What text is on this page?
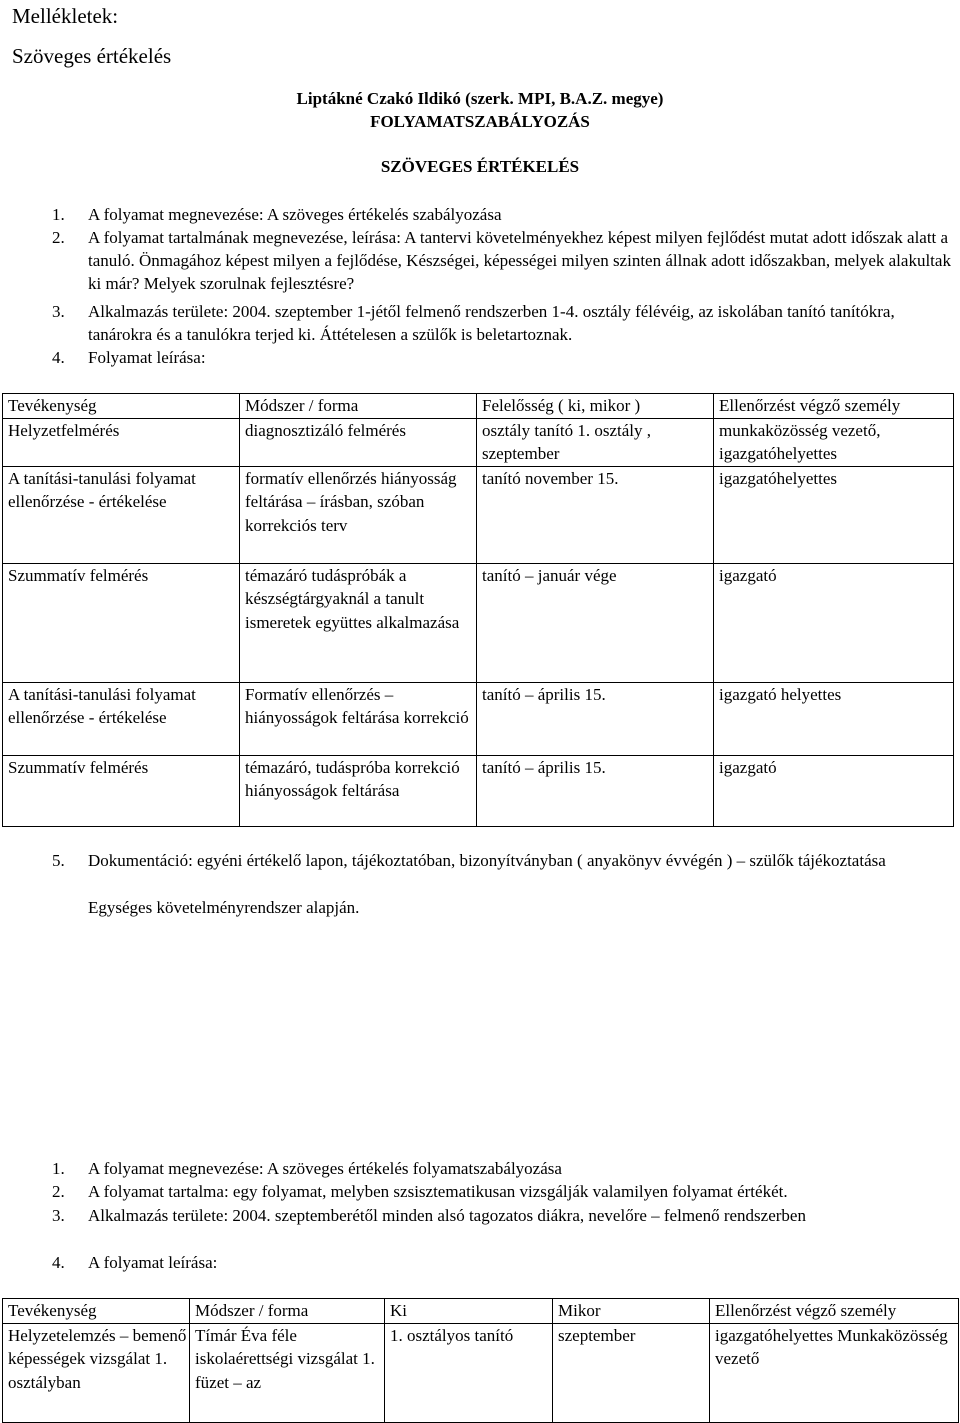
Mellékletek:
Szöveges értékelés
Liptákné Czakó Ildikó (szerk. MPI, B.A.Z. megye)
FOLYAMATSZABÁLYOZÁS
SZÖVEGES ÉRTÉKELÉS
1. A folyamat megnevezése: A szöveges értékelés szabályozása
2. A folyamat tartalmának megnevezése, leírása: A tantervi követelményekhez képest milyen fejlődést mutat adott időszak alatt a tanuló. Önmagához képest milyen a fejlődése, Készségei, képességei milyen szinten állnak adott időszakban, melyek alakultak ki már? Melyek szorulnak fejlesztésre?
3. Alkalmazás területe: 2004. szeptember 1-jétől felmenő rendszerben 1-4. osztály félévéig, az iskolában tanító tanítókra, tanárokra és a tanulókra terjed ki. Áttételesen a szülők is beletartoznak.
4. Folyamat leírása:
Tevékenység	Módszer / forma	Felelősség ( ki, mikor )	Ellenőrzést végző személy
Helyzetfelmérés	diagnosztizáló felmérés	osztály tanító 1. osztály , szeptember	munkaközösség vezető, igazgatóhelyettes
A tanítási-tanulási folyamat ellenőrzése - értékelése	formatív ellenőrzés hiányosság feltárása – írásban, szóban korrekciós terv	tanító november 15.	igazgatóhelyettes
Szummatív felmérés	témazáró tudáspróbák a készségtárgyaknál a tanult ismeretek együttes alkalmazása	tanító – január vége	igazgató
A tanítási-tanulási folyamat ellenőrzése - értékelése	Formatív ellenőrzés – hiányosságok feltárása korrekció	tanító – április 15.	igazgató helyettes
Szummatív felmérés	témazáró, tudáspróba korrekció hiányosságok feltárása	tanító – április 15.	igazgató
5. Dokumentáció: egyéni értékelő lapon, tájékoztatóban, bizonyítványban ( anyakönyv évvégén ) – szülők tájékoztatása
Egységes követelményrendszer alapján.
1. A folyamat megnevezése: A szöveges értékelés folyamatszabályozása
2. A folyamat tartalma: egy folyamat, melyben szsisztematikusan vizsgálják valamilyen folyamat értékét.
3. Alkalmazás területe: 2004. szeptemberétől minden alsó tagozatos diákra, nevelőre – felmenő rendszerben
4. A folyamat leírása:
Tevékenység	Módszer / forma	Ki	Mikor	Ellenőrzést végző személy
Helyzetelemzés – bemenő képességek vizsgálat 1. osztályban	Tímár Éva féle iskolaérettségi vizsgálat 1. füzet – az	1. osztályos tanító	szeptember	igazgatóhelyettes Munkaközösség vezető
